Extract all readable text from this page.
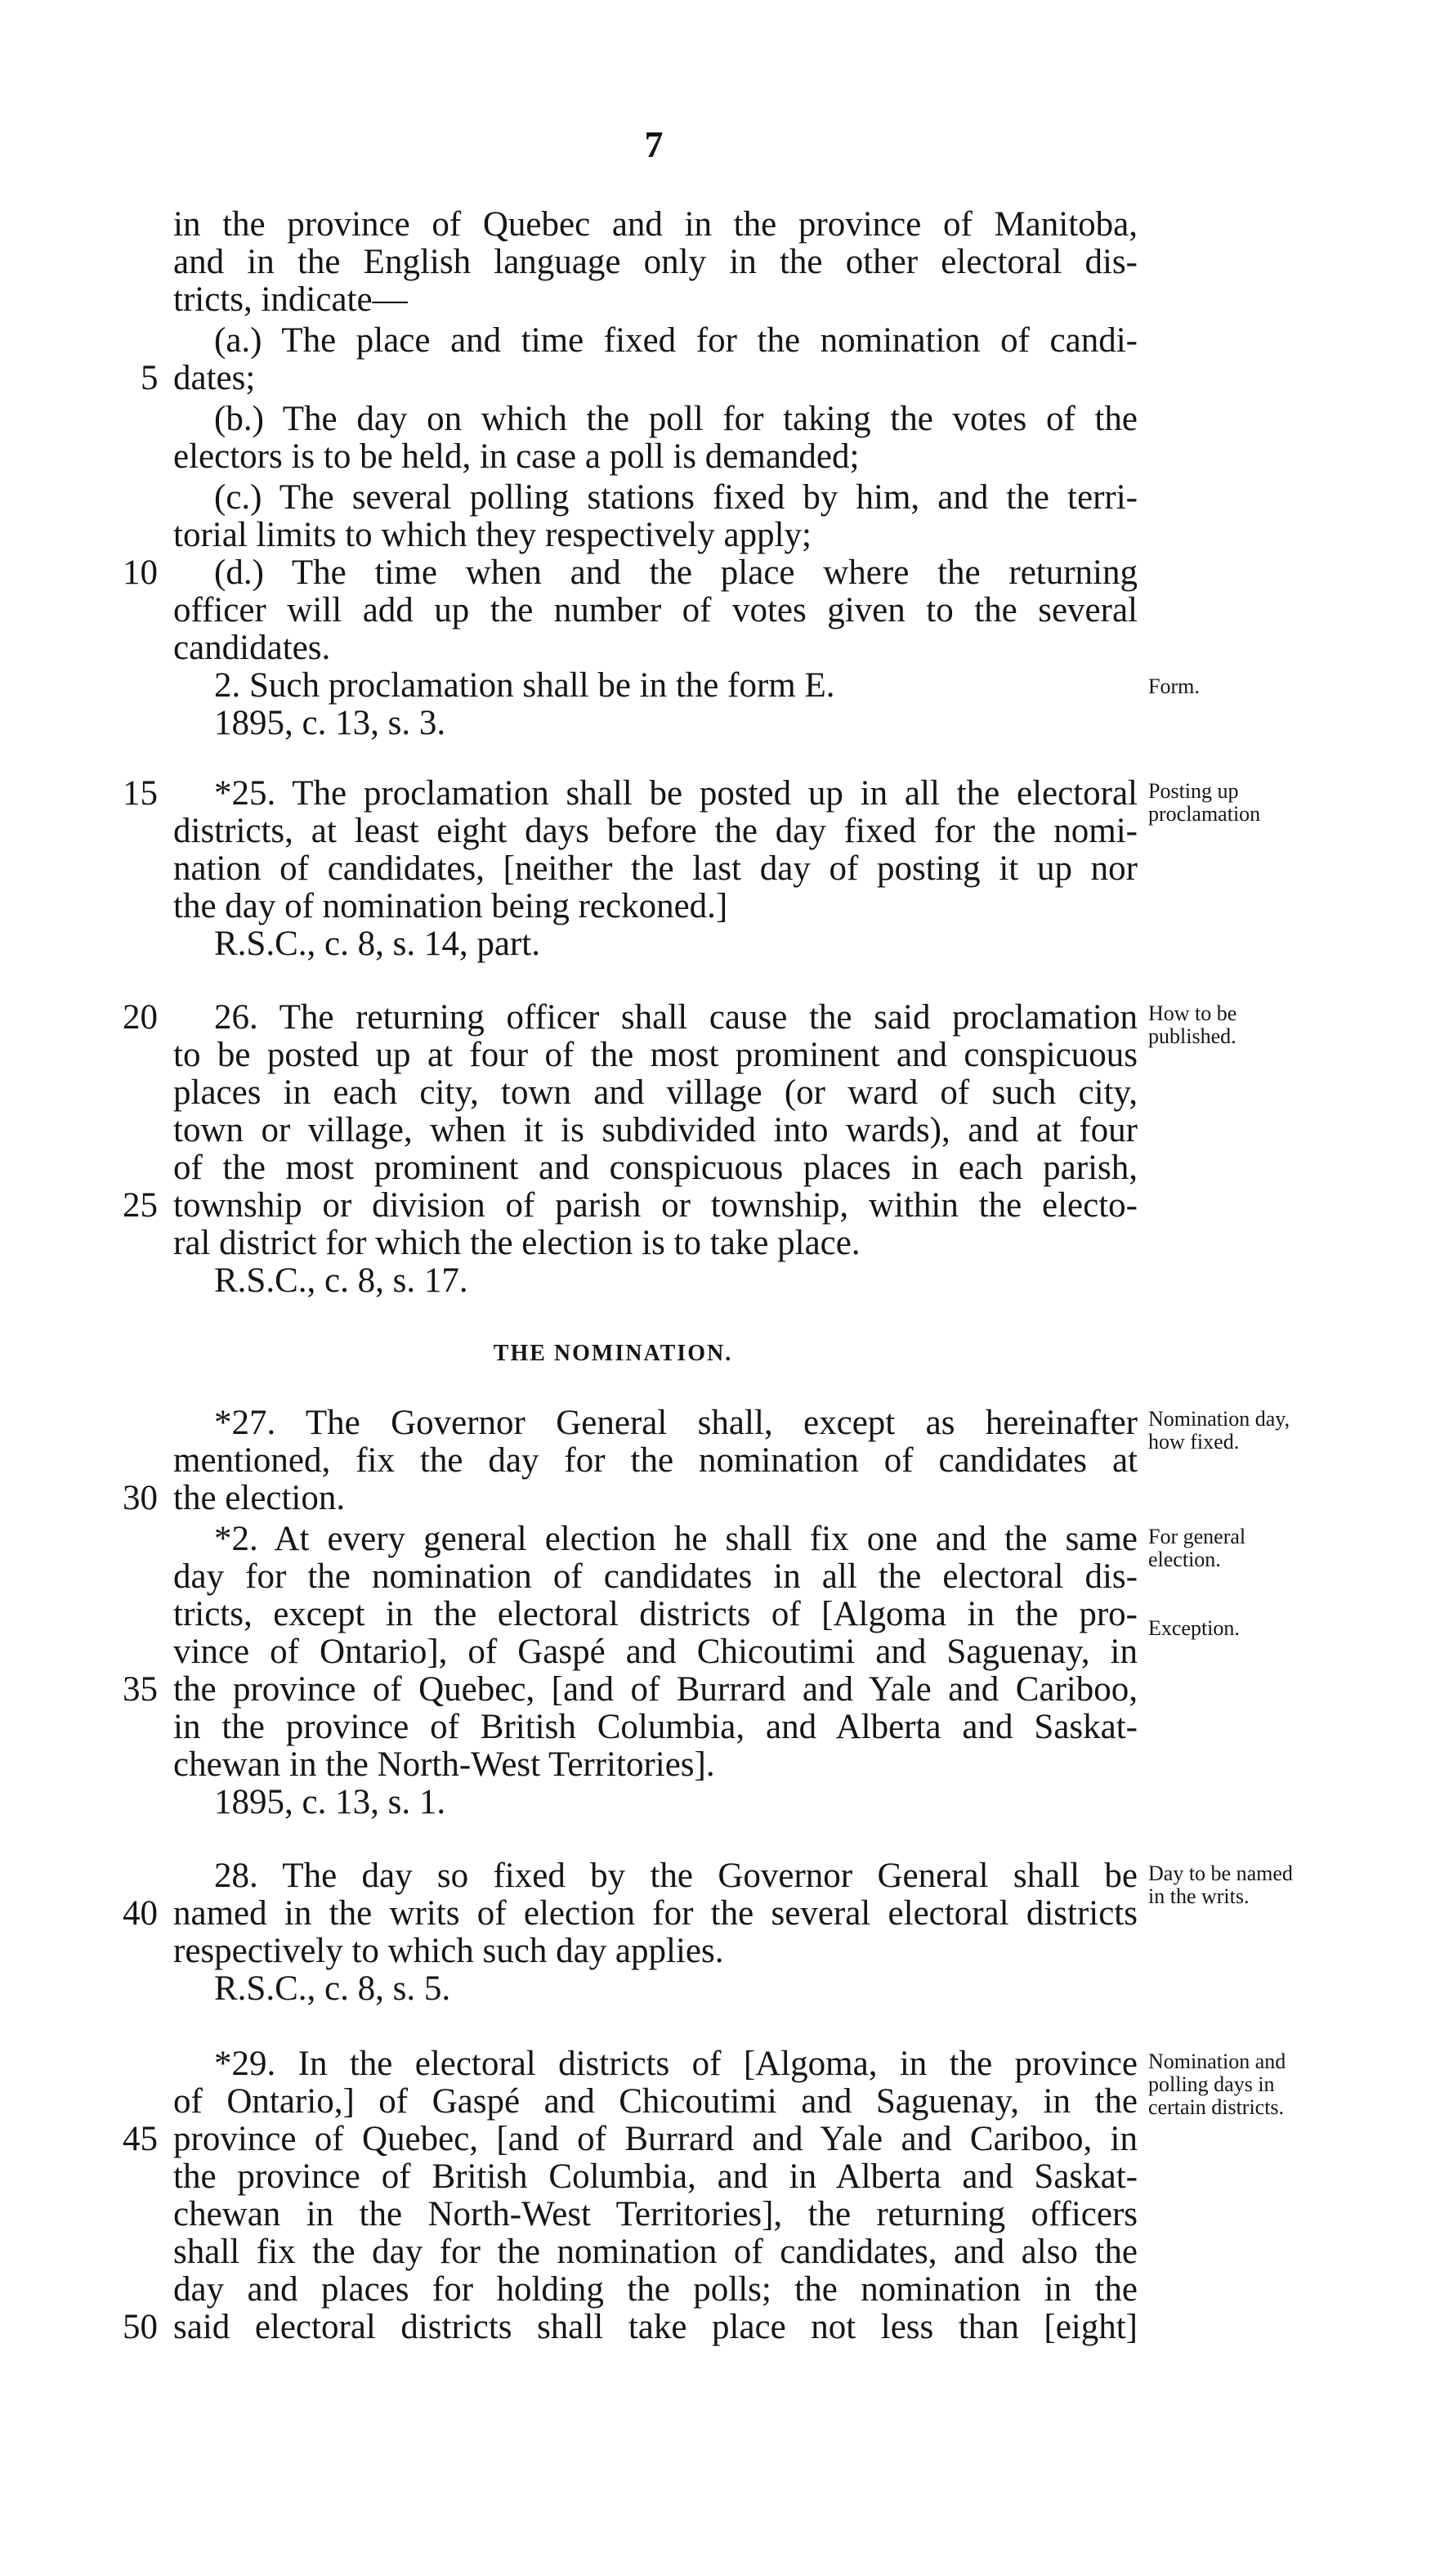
7
in the province of Quebec and in the province of Manitoba,
and in the English language only in the other electoral dis-
tricts, indicate—
(a.) The place and time fixed for the nomination of candi-
dates;
(b.) The day on which the poll for taking the votes of the
electors is to be held, in case a poll is demanded;
(c.) The several polling stations fixed by him, and the terri-
torial limits to which they respectively apply;
(d.) The time when and the place where the returning
officer will add up the number of votes given to the several
candidates.
2. Such proclamation shall be in the form E.
1895, c. 13, s. 3.
*25. The proclamation shall be posted up in all the electoral
districts, at least eight days before the day fixed for the nomi-
nation of candidates, [neither the last day of posting it up nor
the day of nomination being reckoned.]
R.S.C., c. 8, s. 14, part.
26. The returning officer shall cause the said proclamation
to be posted up at four of the most prominent and conspicuous
places in each city, town and village (or ward of such city,
town or village, when it is subdivided into wards), and at four
of the most prominent and conspicuous places in each parish,
township or division of parish or township, within the electo-
ral district for which the election is to take place.
R.S.C., c. 8, s. 17.
*27. The Governor General shall, except as hereinafter
mentioned, fix the day for the nomination of candidates at
the election.
*2. At every general election he shall fix one and the same
day for the nomination of candidates in all the electoral dis-
tricts, except in the electoral districts of [Algoma in the pro-
vince of Ontario], of Gaspé and Chicoutimi and Saguenay, in
the province of Quebec, [and of Burrard and Yale and Cariboo,
in the province of British Columbia, and Alberta and Saskat-
chewan in the North-West Territories].
1895, c. 13, s. 1.
28. The day so fixed by the Governor General shall be
named in the writs of election for the several electoral districts
respectively to which such day applies.
R.S.C., c. 8, s. 5.
*29. In the electoral districts of [Algoma, in the province
of Ontario,] of Gaspé and Chicoutimi and Saguenay, in the
province of Quebec, [and of Burrard and Yale and Cariboo, in
the province of British Columbia, and in Alberta and Saskat-
chewan in the North-West Territories], the returning officers
shall fix the day for the nomination of candidates, and also the
day and places for holding the polls; the nomination in the
said electoral districts shall take place not less than [eight]
THE NOMINATION.
5
10
15
20
25
30
35
40
45
50
Form.
Posting up proclamation
How to be published.
Nomination day, how fixed.
For general election.
Exception.
Day to be named in the writs.
Nomination and polling days in certain districts.
